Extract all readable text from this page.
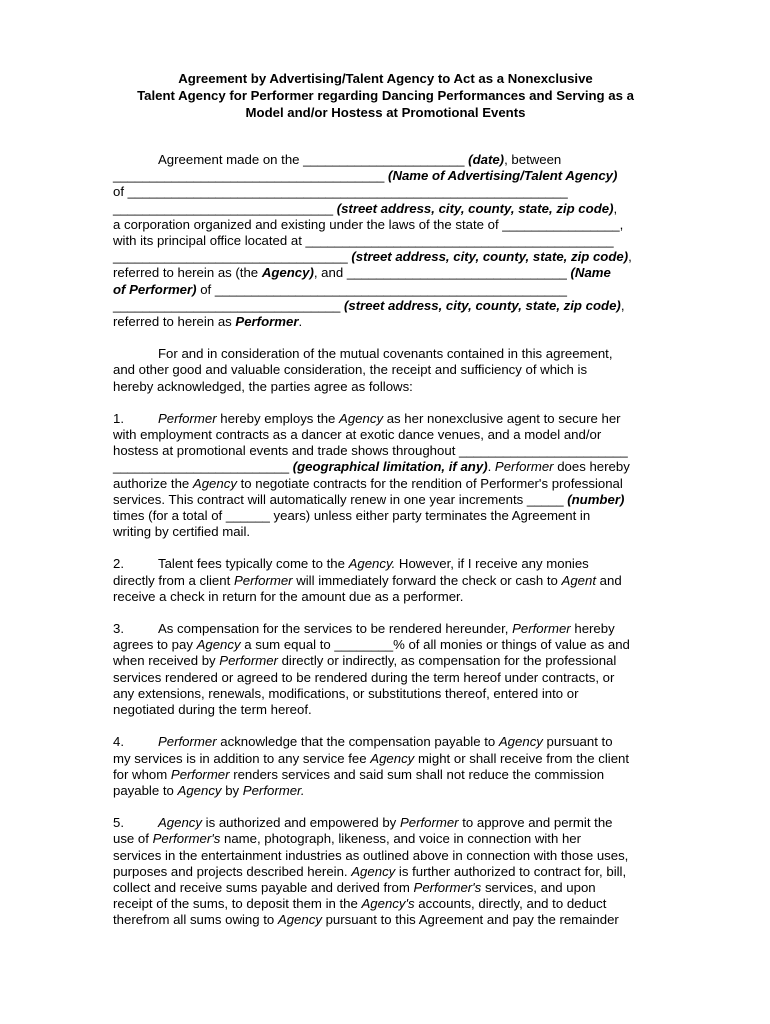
Agreement by Advertising/Talent Agency to Act as a Nonexclusive
Talent Agency for Performer regarding Dancing Performances and Serving as a
Model and/or Hostess at Promotional Events
Agreement made on the ______________________ (date), between
_____________________________________ (Name of Advertising/Talent Agency)
of ____________________________________________________________
______________________________ (street address, city, county, state, zip code),
a corporation organized and existing under the laws of the state of ________________,
with its principal office located at __________________________________________
________________________________ (street address, city, county, state, zip code),
referred to herein as (the Agency), and ______________________________ (Name
of Performer) of ________________________________________________
_______________________________ (street address, city, county, state, zip code),
referred to herein as Performer.
For and in consideration of the mutual covenants contained in this agreement,
and other good and valuable consideration, the receipt and sufficiency of which is
hereby acknowledged, the parties agree as follows:
1.	Performer hereby employs the Agency as her nonexclusive agent to secure her
with employment contracts as a dancer at exotic dance venues, and a model and/or
hostess at promotional events and trade shows throughout _______________________
________________________ (geographical limitation, if any). Performer does hereby
authorize the Agency to negotiate contracts for the rendition of Performer's professional
services. This contract will automatically renew in one year increments _____ (number)
times (for a total of ______ years) unless either party terminates the Agreement in
writing by certified mail.
2.	Talent fees typically come to the Agency. However, if I receive any monies
directly from a client Performer will immediately forward the check or cash to Agent and
receive a check in return for the amount due as a performer.
3.	As compensation for the services to be rendered hereunder, Performer hereby
agrees to pay Agency a sum equal to ________% of all monies or things of value as and
when received by Performer directly or indirectly, as compensation for the professional
services rendered or agreed to be rendered during the term hereof under contracts, or
any extensions, renewals, modifications, or substitutions thereof, entered into or
negotiated during the term hereof.
4.	Performer acknowledge that the compensation payable to Agency pursuant to
my services is in addition to any service fee Agency might or shall receive from the client
for whom Performer renders services and said sum shall not reduce the commission
payable to Agency by Performer.
5.	Agency is authorized and empowered by Performer to approve and permit the
use of Performer's name, photograph, likeness, and voice in connection with her
services in the entertainment industries as outlined above in connection with those uses,
purposes and projects described herein. Agency is further authorized to contract for, bill,
collect and receive sums payable and derived from Performer's services, and upon
receipt of the sums, to deposit them in the Agency's accounts, directly, and to deduct
therefrom all sums owing to Agency pursuant to this Agreement and pay the remainder
